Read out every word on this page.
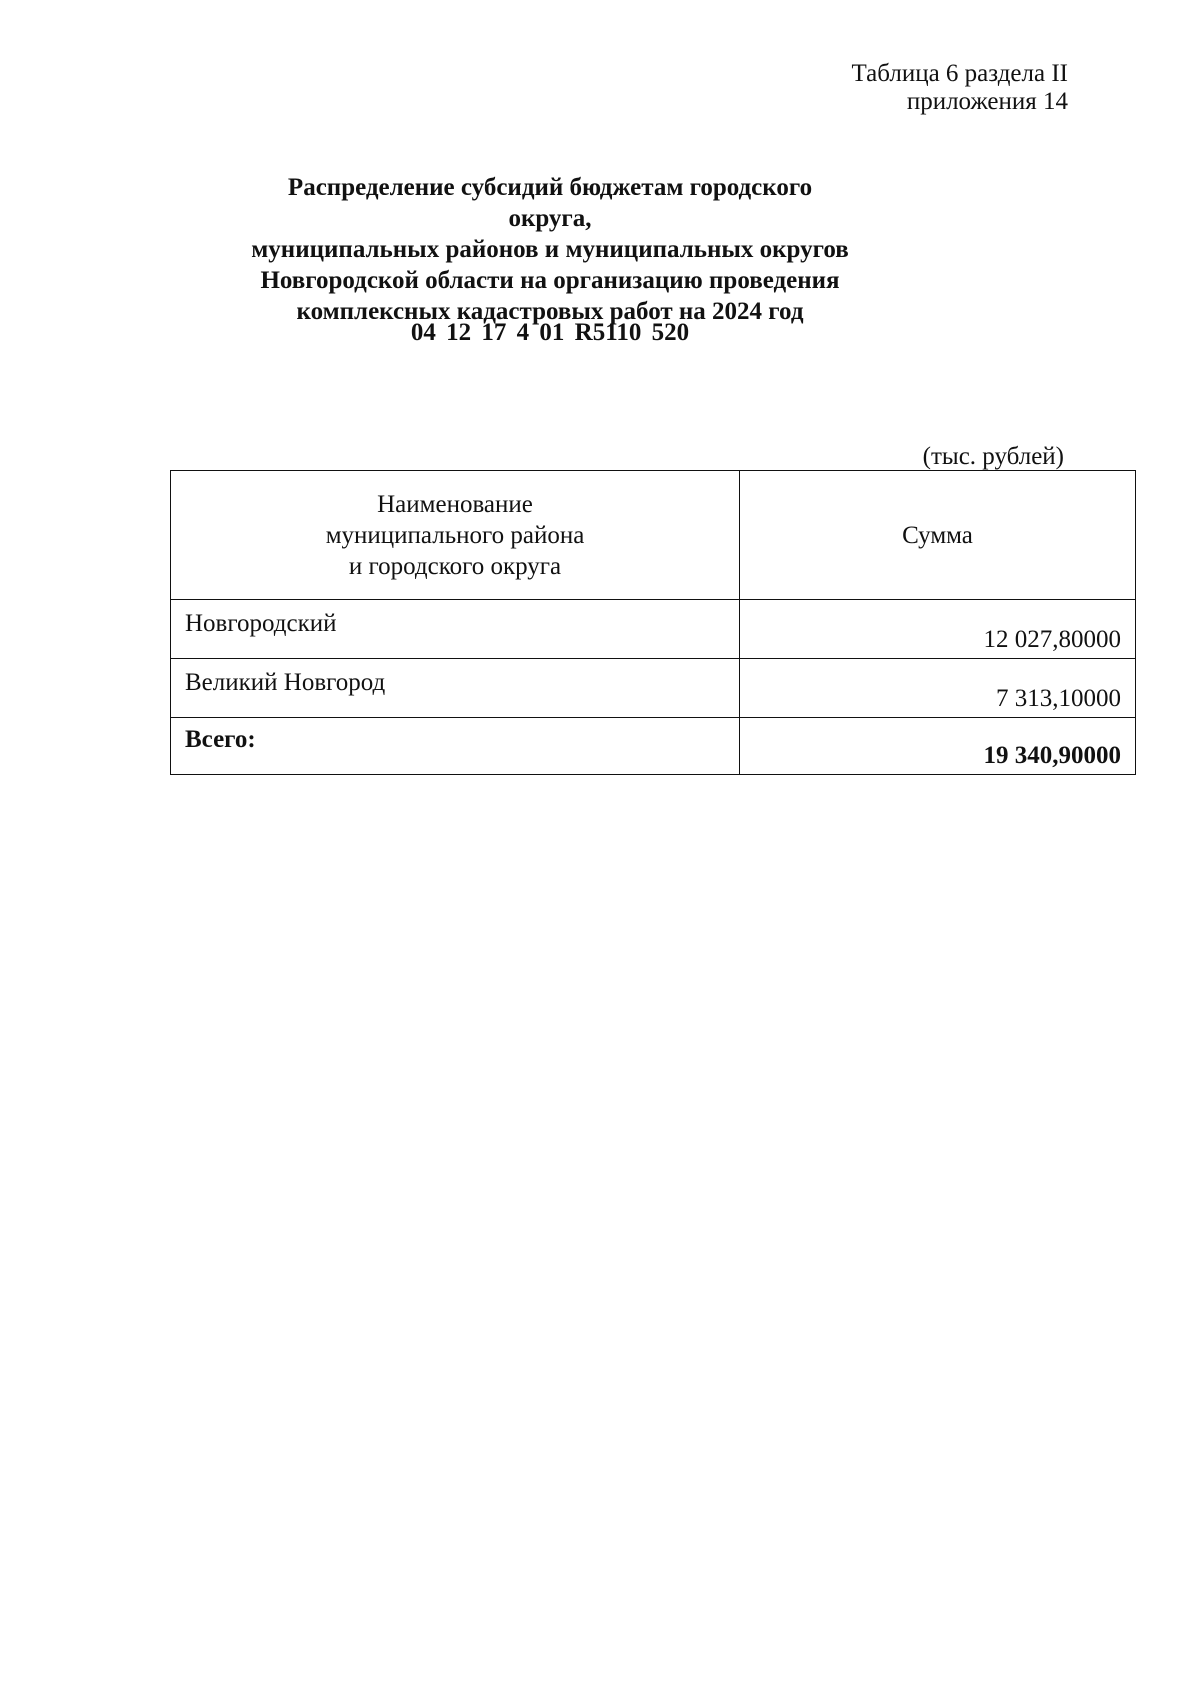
Таблица 6 раздела II
приложения 14
Распределение субсидий бюджетам городского округа,
муниципальных районов и муниципальных округов
Новгородской области на организацию проведения
комплексных кадастровых работ на 2024 год
04 12 17 4 01 R5110 520
(тыс. рублей)
Наименование
муниципального района
и городского округа	Сумма
Новгородский	12 027,80000
Великий Новгород	7 313,10000
Всего:	19 340,90000
